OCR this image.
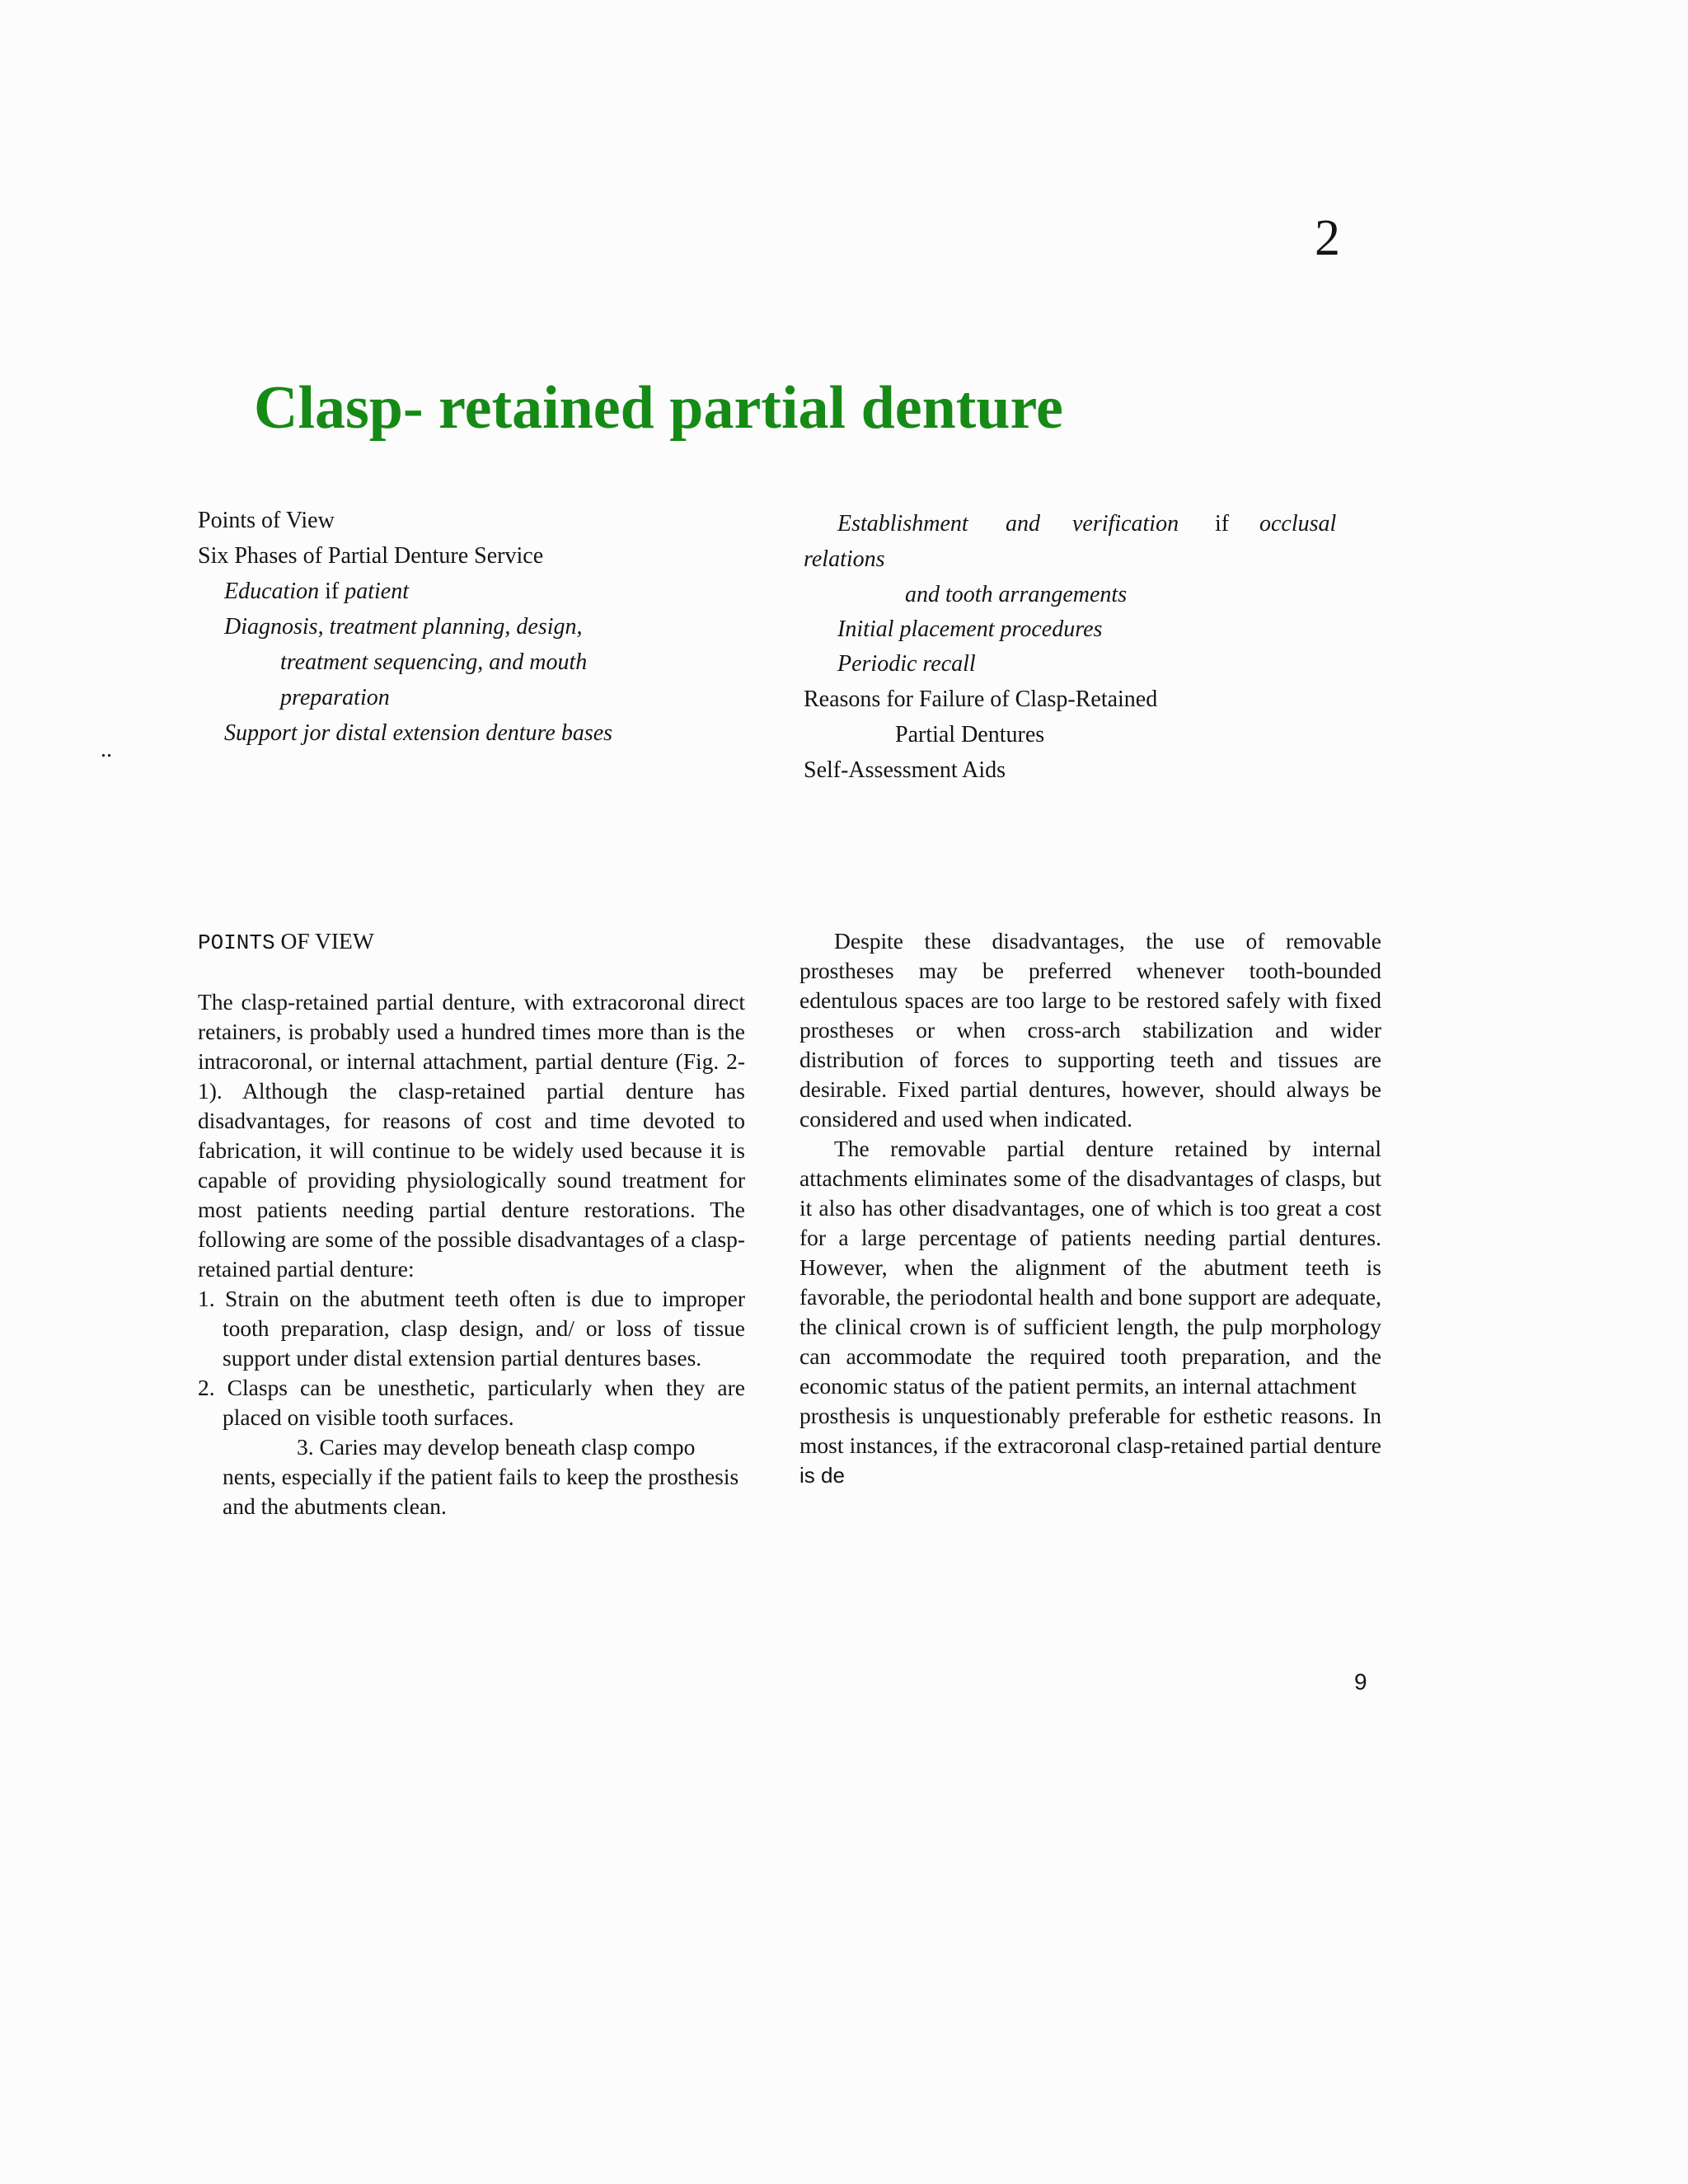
2
Clasp- retained partial denture
Points of View
Six Phases of Partial Denture Service
Education if patient
Diagnosis, treatment planning, design,
treatment sequencing, and mouth
preparation
Support jor distal extension denture bases
..
Establishment and verification if occlusal
relations
and tooth arrangements
Initial placement procedures
Periodic recall
Reasons for Failure of Clasp-Retained
Partial Dentures
Self-Assessment Aids

POINTS OF VIEW

The clasp-retained partial denture, with extracoronal direct retainers, is probably used a hundred times more than is the intracoronal, or internal attachment, partial denture (Fig. 2-1). Although the clasp-retained partial denture has disadvantages, for reasons of cost and time devoted to fabrication, it will continue to be widely used because it is capable of providing physiologically sound treatment for most patients needing partial denture restorations. The following are some of the possible disadvantages of a clasp-retained partial denture:

1. Strain on the abutment teeth often is due to improper tooth preparation, clasp design, and/ or loss of tissue support under distal extension partial dentures bases.

2. Clasps can be unesthetic, particularly when they are placed on visible tooth surfaces.

3. Caries may develop beneath clasp compo

nents, especially if the patient fails to keep the prosthesis and the abutments clean.

Despite these disadvantages, the use of removable prostheses may be preferred whenever tooth-bounded edentulous spaces are too large to be restored safely with fixed prostheses or when cross-arch stabilization and wider distribution of forces to supporting teeth and tissues are desirable. Fixed partial dentures, however, should always be considered and used when indicated.

The removable partial denture retained by internal attachments eliminates some of the disadvantages of clasps, but it also has other disadvantages, one of which is too great a cost for a large percentage of patients needing partial dentures. However, when the alignment of the abutment teeth is favorable, the periodontal health and bone support are adequate, the clinical crown is of sufficient length, the pulp morphology can accommodate the required tooth preparation, and the economic status of the patient permits, an internal attachment

prosthesis is unquestionably preferable for esthetic reasons. In most instances, if the extracoronal clasp-retained partial denture is de

9
